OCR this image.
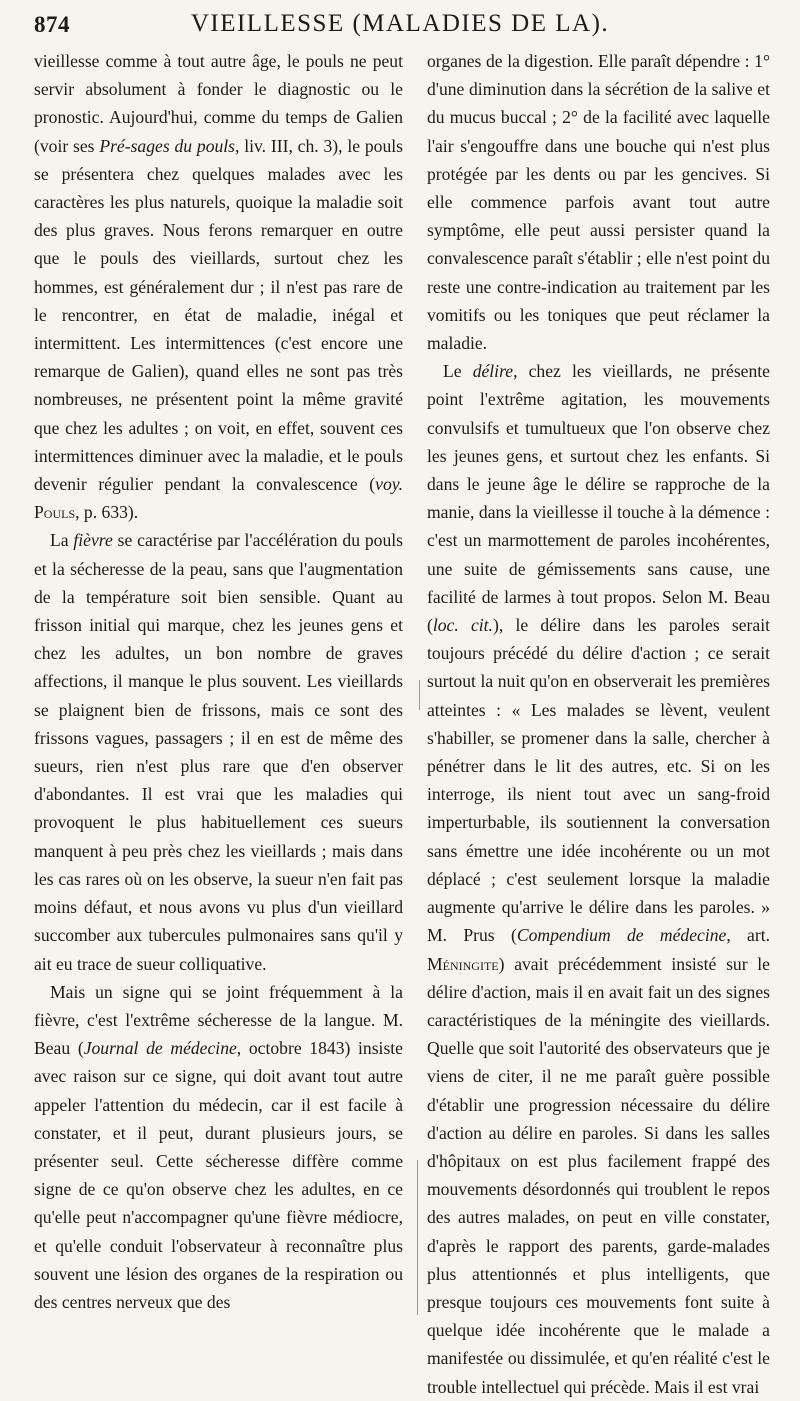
874	VIEILLESSE (MALADIES DE LA).

vieillesse comme à tout autre âge, le pouls ne peut servir absolument à fonder le diagnostic ou le pronostic. Aujourd'hui, comme du temps de Galien (voir ses Pré-sages du pouls, liv. III, ch. 3), le pouls se présentera chez quelques malades avec les caractères les plus naturels, quoique la maladie soit des plus graves. Nous ferons remarquer en outre que le pouls des vieillards, surtout chez les hommes, est généralement dur ; il n'est pas rare de le rencontrer, en état de maladie, inégal et intermittent. Les intermittences (c'est encore une remarque de Galien), quand elles ne sont pas très nombreuses, ne présentent point la même gravité que chez les adultes ; on voit, en effet, souvent ces intermittences diminuer avec la maladie, et le pouls devenir régulier pendant la convalescence (voy. Pouls, p. 633).

La fièvre se caractérise par l'accélération du pouls et la sécheresse de la peau, sans que l'augmentation de la température soit bien sensible. Quant au frisson initial qui marque, chez les jeunes gens et chez les adultes, un bon nombre de graves affections, il manque le plus souvent. Les vieillards se plaignent bien de frissons, mais ce sont des frissons vagues, passagers ; il en est de même des sueurs, rien n'est plus rare que d'en observer d'abondantes. Il est vrai que les maladies qui provoquent le plus habituellement ces sueurs manquent à peu près chez les vieillards ; mais dans les cas rares où on les observe, la sueur n'en fait pas moins défaut, et nous avons vu plus d'un vieillard succomber aux tubercules pulmonaires sans qu'il y ait eu trace de sueur colliquative.

Mais un signe qui se joint fréquemment à la fièvre, c'est l'extrême sécheresse de la langue. M. Beau (Journal de médecine, octobre 1843) insiste avec raison sur ce signe, qui doit avant tout autre appeler l'attention du médecin, car il est facile à constater, et il peut, durant plusieurs jours, se présenter seul. Cette sécheresse diffère comme signe de ce qu'on observe chez les adultes, en ce qu'elle peut n'accompagner qu'une fièvre médiocre, et qu'elle conduit l'observateur à reconnaître plus souvent une lésion des organes de la respiration ou des centres nerveux que des

organes de la digestion. Elle paraît dépendre : 1° d'une diminution dans la sécrétion de la salive et du mucus buccal ; 2° de la facilité avec laquelle l'air s'engouffre dans une bouche qui n'est plus protégée par les dents ou par les gencives. Si elle commence parfois avant tout autre symptôme, elle peut aussi persister quand la convalescence paraît s'établir ; elle n'est point du reste une contre-indication au traitement par les vomitifs ou les toniques que peut réclamer la maladie.

Le délire, chez les vieillards, ne présente point l'extrême agitation, les mouvements convulsifs et tumultueux que l'on observe chez les jeunes gens, et surtout chez les enfants. Si dans le jeune âge le délire se rapproche de la manie, dans la vieillesse il touche à la démence : c'est un marmottement de paroles incohérentes, une suite de gémissements sans cause, une facilité de larmes à tout propos. Selon M. Beau (loc. cit.), le délire dans les paroles serait toujours précédé du délire d'action ; ce serait surtout la nuit qu'on en observerait les premières atteintes : « Les malades se lèvent, veulent s'habiller, se promener dans la salle, chercher à pénétrer dans le lit des autres, etc. Si on les interroge, ils nient tout avec un sang-froid imperturbable, ils soutiennent la conversation sans émettre une idée incohérente ou un mot déplacé ; c'est seulement lorsque la maladie augmente qu'arrive le délire dans les paroles. » M. Prus (Compendium de médecine, art. Méningite) avait précédemment insisté sur le délire d'action, mais il en avait fait un des signes caractéristiques de la méningite des vieillards. Quelle que soit l'autorité des observateurs que je viens de citer, il ne me paraît guère possible d'établir une progression nécessaire du délire d'action au délire en paroles. Si dans les salles d'hôpitaux on est plus facilement frappé des mouvements désordonnés qui troublent le repos des autres malades, on peut en ville constater, d'après le rapport des parents, garde-malades plus attentionnés et plus intelligents, que presque toujours ces mouvements font suite à quelque idée incohérente que le malade a manifestée ou dissimulée, et qu'en réalité c'est le trouble intellectuel qui précède. Mais il est vrai
